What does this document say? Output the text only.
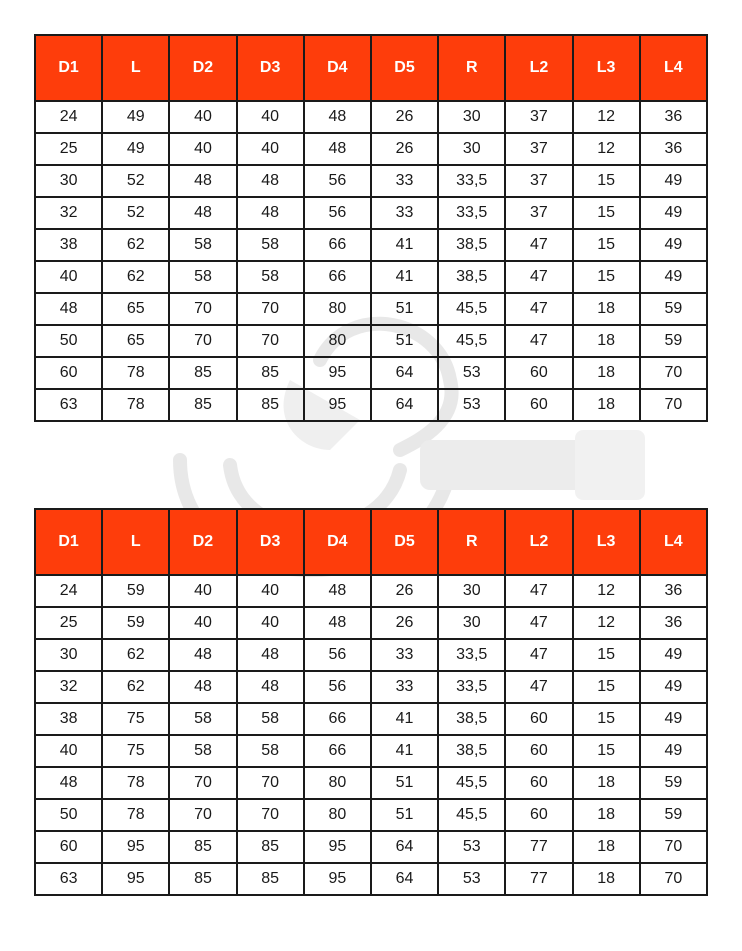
D1	L	D2	D3	D4	D5	R	L2	L3	L4
24	49	40	40	48	26	30	37	12	36
25	49	40	40	48	26	30	37	12	36
30	52	48	48	56	33	33,5	37	15	49
32	52	48	48	56	33	33,5	37	15	49
38	62	58	58	66	41	38,5	47	15	49
40	62	58	58	66	41	38,5	47	15	49
48	65	70	70	80	51	45,5	47	18	59
50	65	70	70	80	51	45,5	47	18	59
60	78	85	85	95	64	53	60	18	70
63	78	85	85	95	64	53	60	18	70
D1	L	D2	D3	D4	D5	R	L2	L3	L4
24	59	40	40	48	26	30	47	12	36
25	59	40	40	48	26	30	47	12	36
30	62	48	48	56	33	33,5	47	15	49
32	62	48	48	56	33	33,5	47	15	49
38	75	58	58	66	41	38,5	60	15	49
40	75	58	58	66	41	38,5	60	15	49
48	78	70	70	80	51	45,5	60	18	59
50	78	70	70	80	51	45,5	60	18	59
60	95	85	85	95	64	53	77	18	70
63	95	85	85	95	64	53	77	18	70
